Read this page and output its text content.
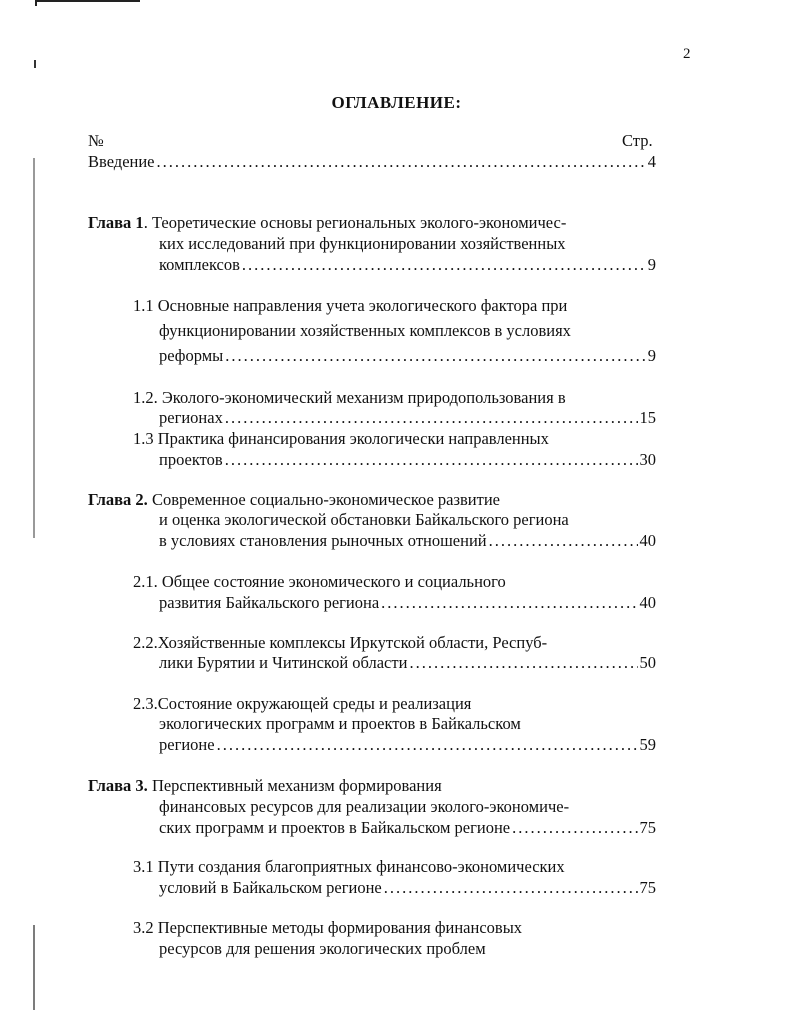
2
ОГЛАВЛЕНИЕ:
№	Стр.
Введение .....	4
Глава 1. Теоретические основы региональных эколого-экономичес-
ких исследований при функционировании хозяйственных
комплексов .....	9
1.1 Основные направления учета экологического фактора при
функционировании хозяйственных комплексов в условиях
реформы .....	9
1.2. Эколого-экономический механизм природопользования в
регионах .....	15
1.3 Практика финансирования экологически направленных
проектов .....	30
Глава 2. Современное социально-экономическое развитие
и оценка экологической обстановки Байкальского региона
в условиях становления рыночных отношений .....	40
2.1. Общее состояние экономического и социального
развития Байкальского региона .....	40
2.2.Хозяйственные комплексы Иркутской области, Респуб-
лики Бурятии и Читинской области .....	50
2.3.Состояние окружающей среды и реализация
экологических программ и проектов в Байкальском
регионе .....	59
Глава 3. Перспективный механизм формирования
финансовых ресурсов для реализации эколого-экономиче-
ских программ и проектов в Байкальском регионе .....	75
3.1 Пути создания благоприятных финансово-экономических
условий в Байкальском регионе .....	75
3.2 Перспективные методы формирования финансовых
ресурсов для решения экологических проблем
